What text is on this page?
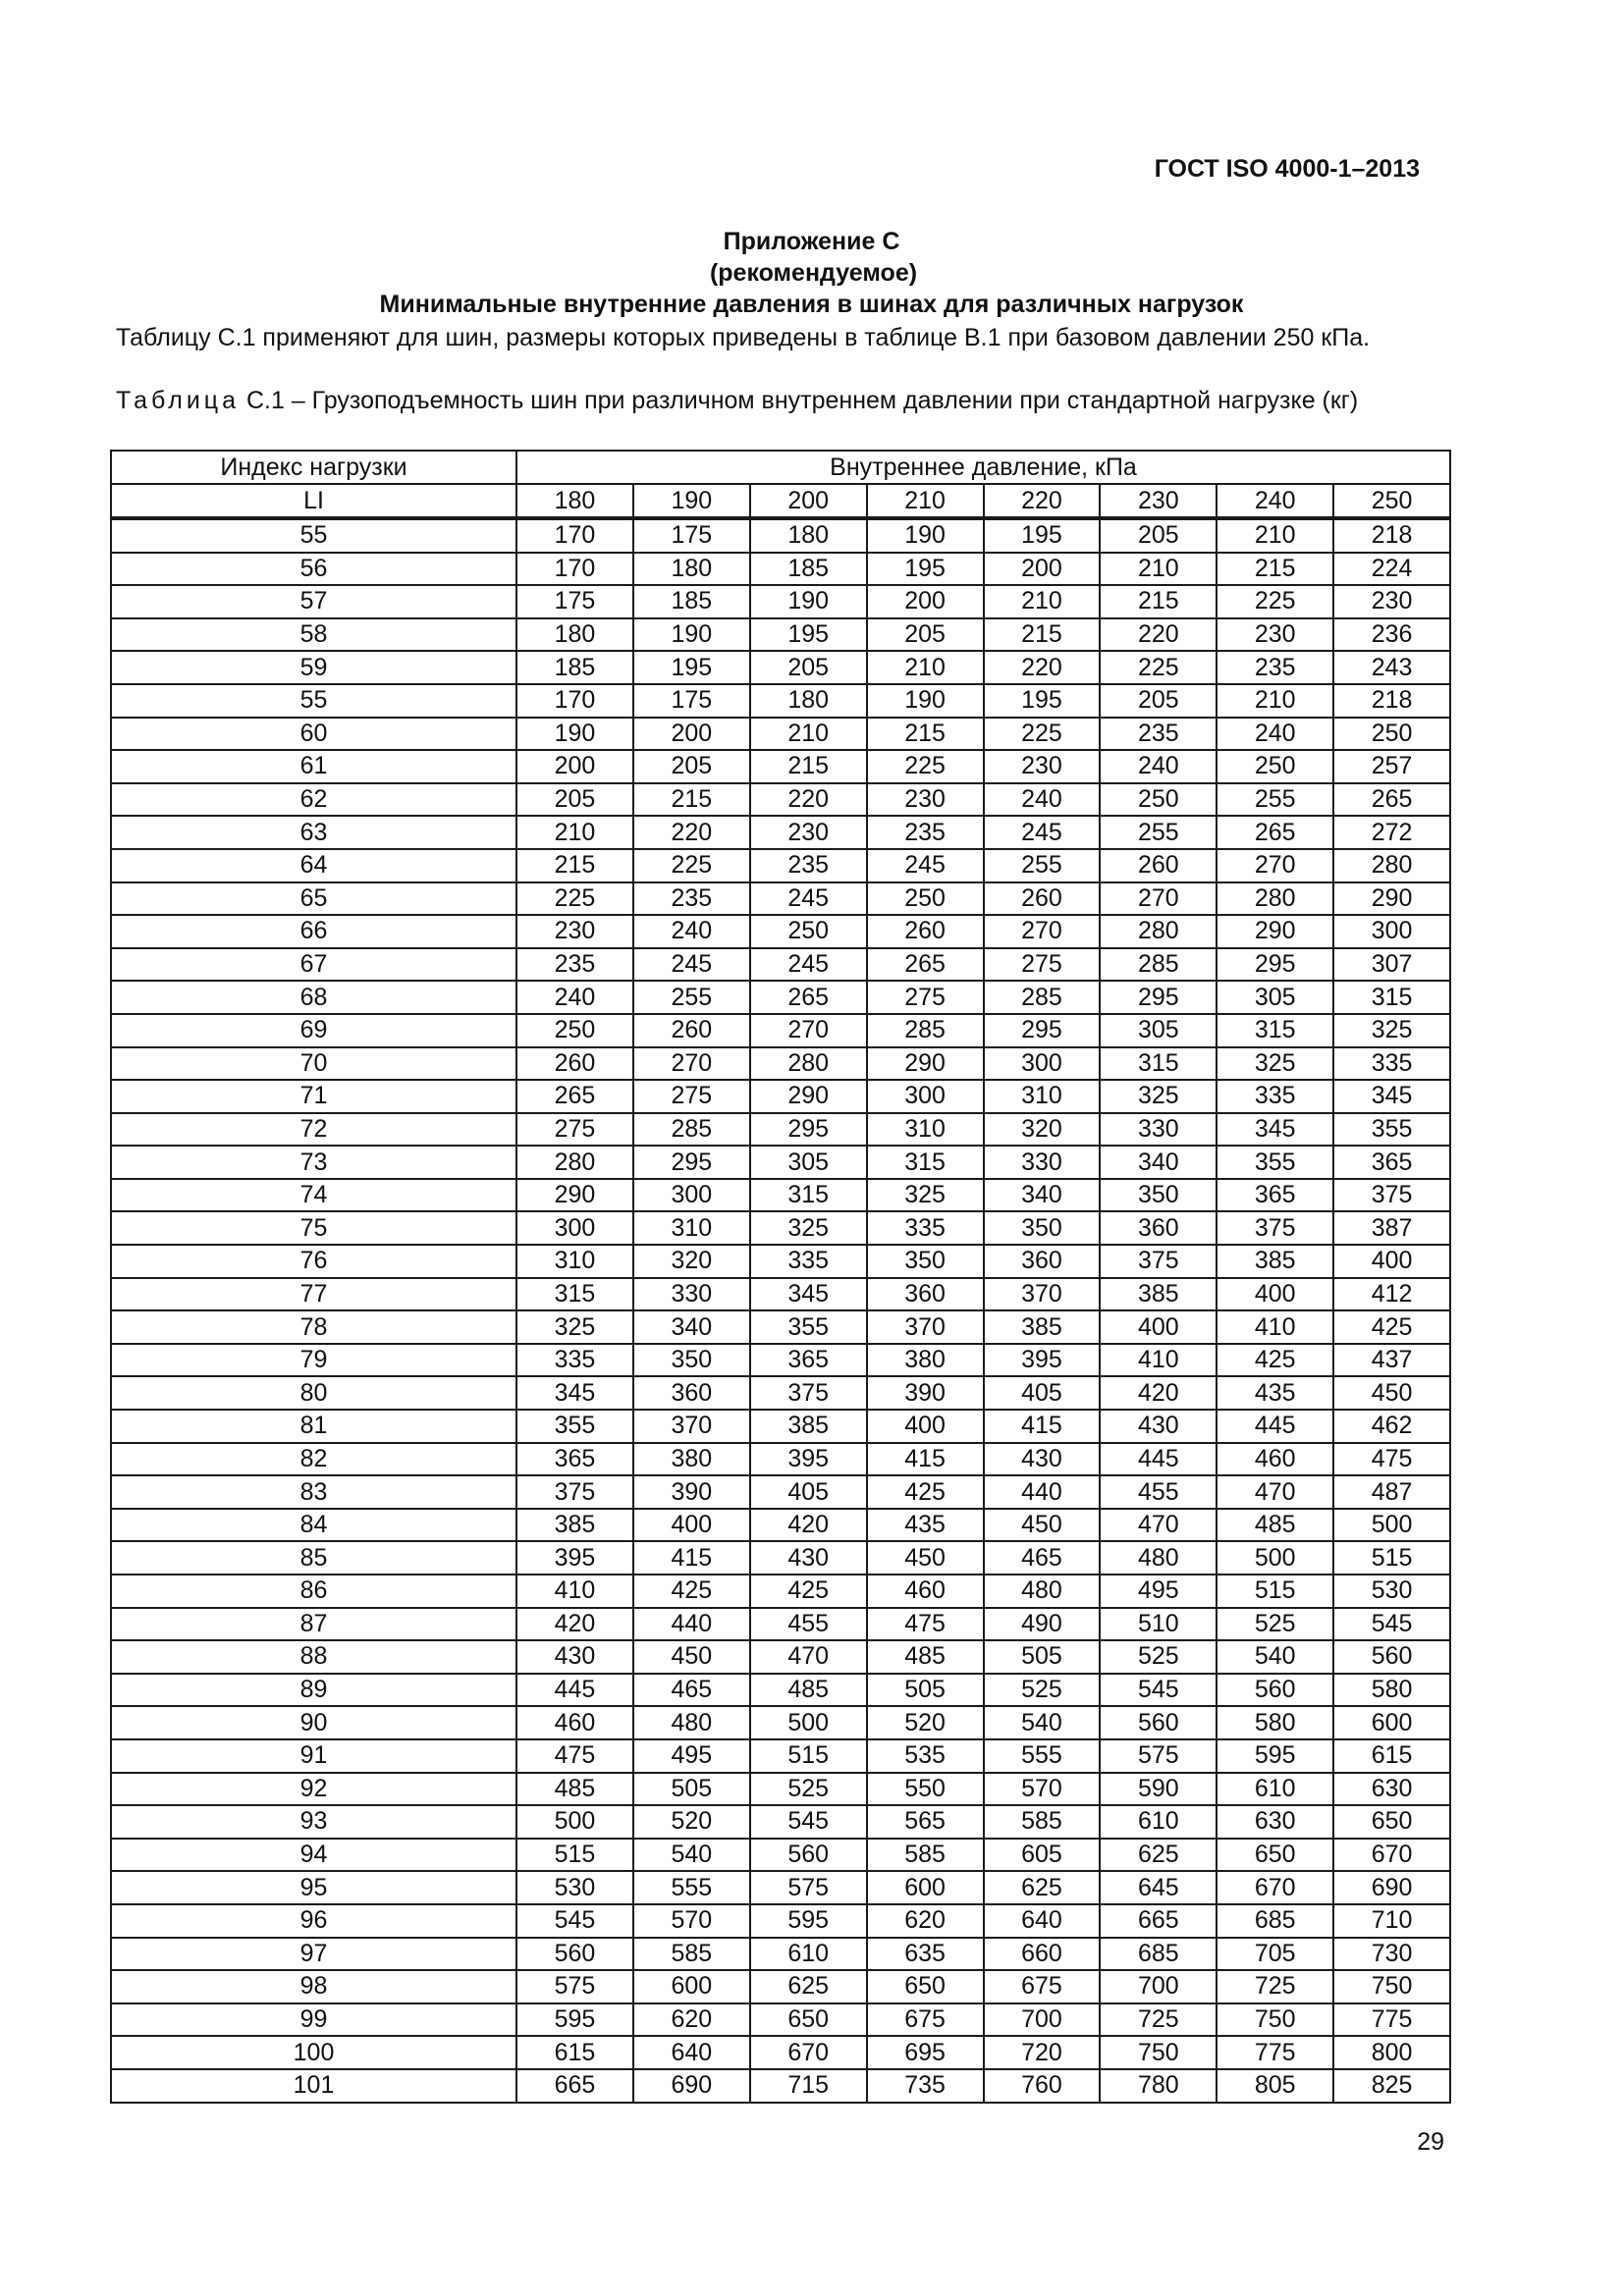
ГОСТ ISO 4000-1–2013
Приложение С
(рекомендуемое)
Минимальные внутренние давления в шинах для различных нагрузок
Таблицу С.1 применяют для шин, размеры которых приведены в таблице В.1 при базовом давлении 250 кПа.
Таблица С.1 – Грузоподъемность шин при различном внутреннем давлении при стандартной нагрузке (кг)
Индекс нагрузки	Внутреннее давление, кПа							
LI	180	190	200	210	220	230	240	250
55	170	175	180	190	195	205	210	218
56	170	180	185	195	200	210	215	224
57	175	185	190	200	210	215	225	230
58	180	190	195	205	215	220	230	236
59	185	195	205	210	220	225	235	243
55	170	175	180	190	195	205	210	218
60	190	200	210	215	225	235	240	250
61	200	205	215	225	230	240	250	257
62	205	215	220	230	240	250	255	265
63	210	220	230	235	245	255	265	272
64	215	225	235	245	255	260	270	280
65	225	235	245	250	260	270	280	290
66	230	240	250	260	270	280	290	300
67	235	245	245	265	275	285	295	307
68	240	255	265	275	285	295	305	315
69	250	260	270	285	295	305	315	325
70	260	270	280	290	300	315	325	335
71	265	275	290	300	310	325	335	345
72	275	285	295	310	320	330	345	355
73	280	295	305	315	330	340	355	365
74	290	300	315	325	340	350	365	375
75	300	310	325	335	350	360	375	387
76	310	320	335	350	360	375	385	400
77	315	330	345	360	370	385	400	412
78	325	340	355	370	385	400	410	425
79	335	350	365	380	395	410	425	437
80	345	360	375	390	405	420	435	450
81	355	370	385	400	415	430	445	462
82	365	380	395	415	430	445	460	475
83	375	390	405	425	440	455	470	487
84	385	400	420	435	450	470	485	500
85	395	415	430	450	465	480	500	515
86	410	425	425	460	480	495	515	530
87	420	440	455	475	490	510	525	545
88	430	450	470	485	505	525	540	560
89	445	465	485	505	525	545	560	580
90	460	480	500	520	540	560	580	600
91	475	495	515	535	555	575	595	615
92	485	505	525	550	570	590	610	630
93	500	520	545	565	585	610	630	650
94	515	540	560	585	605	625	650	670
95	530	555	575	600	625	645	670	690
96	545	570	595	620	640	665	685	710
97	560	585	610	635	660	685	705	730
98	575	600	625	650	675	700	725	750
99	595	620	650	675	700	725	750	775
100	615	640	670	695	720	750	775	800
101	665	690	715	735	760	780	805	825
29
